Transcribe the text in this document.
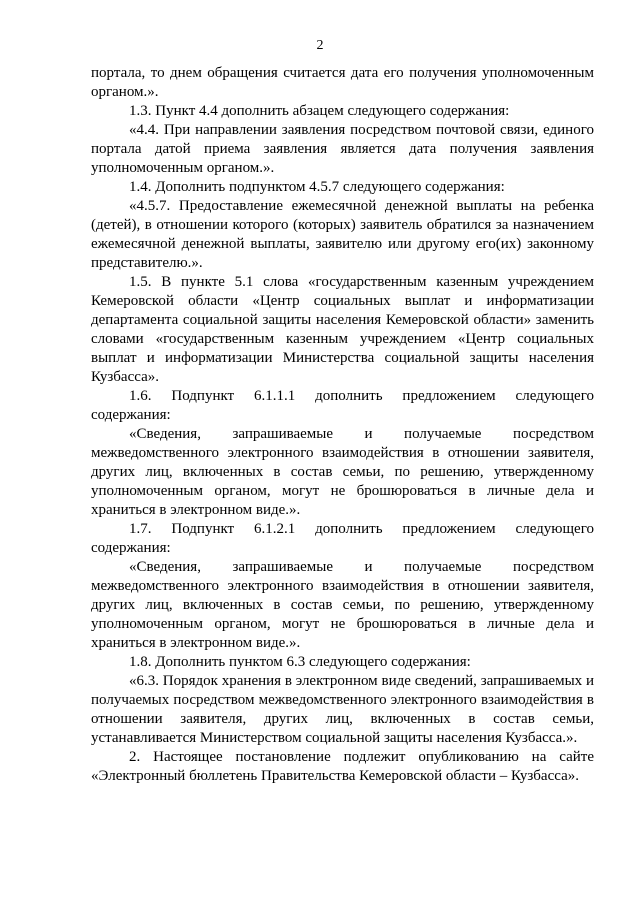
2

портала, то днем обращения считается дата его получения уполномоченным органом.».

1.3. Пункт 4.4 дополнить абзацем следующего содержания:

«4.4. При направлении заявления посредством почтовой связи, единого портала датой приема заявления является дата получения заявления уполномоченным органом.».

1.4. Дополнить подпунктом 4.5.7 следующего содержания:

«4.5.7. Предоставление ежемесячной денежной выплаты на ребенка (детей), в отношении которого (которых) заявитель обратился за назначением ежемесячной денежной выплаты, заявителю или другому его(их) законному представителю.».

1.5. В пункте 5.1 слова «государственным казенным учреждением Кемеровской области «Центр социальных выплат и информатизации департамента социальной защиты населения Кемеровской области» заменить словами «государственным казенным учреждением «Центр социальных выплат и информатизации Министерства социальной защиты населения Кузбасса».

1.6. Подпункт 6.1.1.1 дополнить предложением следующего содержания:

«Сведения, запрашиваемые и получаемые посредством межведомственного электронного взаимодействия в отношении заявителя, других лиц, включенных в состав семьи, по решению, утвержденному уполномоченным органом, могут не брошюроваться в личные дела и храниться в электронном виде.».

1.7. Подпункт 6.1.2.1 дополнить предложением следующего содержания:

«Сведения, запрашиваемые и получаемые посредством межведомственного электронного взаимодействия в отношении заявителя, других лиц, включенных в состав семьи, по решению, утвержденному уполномоченным органом, могут не брошюроваться в личные дела и храниться в электронном виде.».

1.8. Дополнить пунктом 6.3 следующего содержания:

«6.3. Порядок хранения в электронном виде сведений, запрашиваемых и получаемых посредством межведомственного электронного взаимодействия в отношении заявителя, других лиц, включенных в состав семьи, устанавливается Министерством социальной защиты населения Кузбасса.».

2. Настоящее постановление подлежит опубликованию на сайте «Электронный бюллетень Правительства Кемеровской области – Кузбасса».
